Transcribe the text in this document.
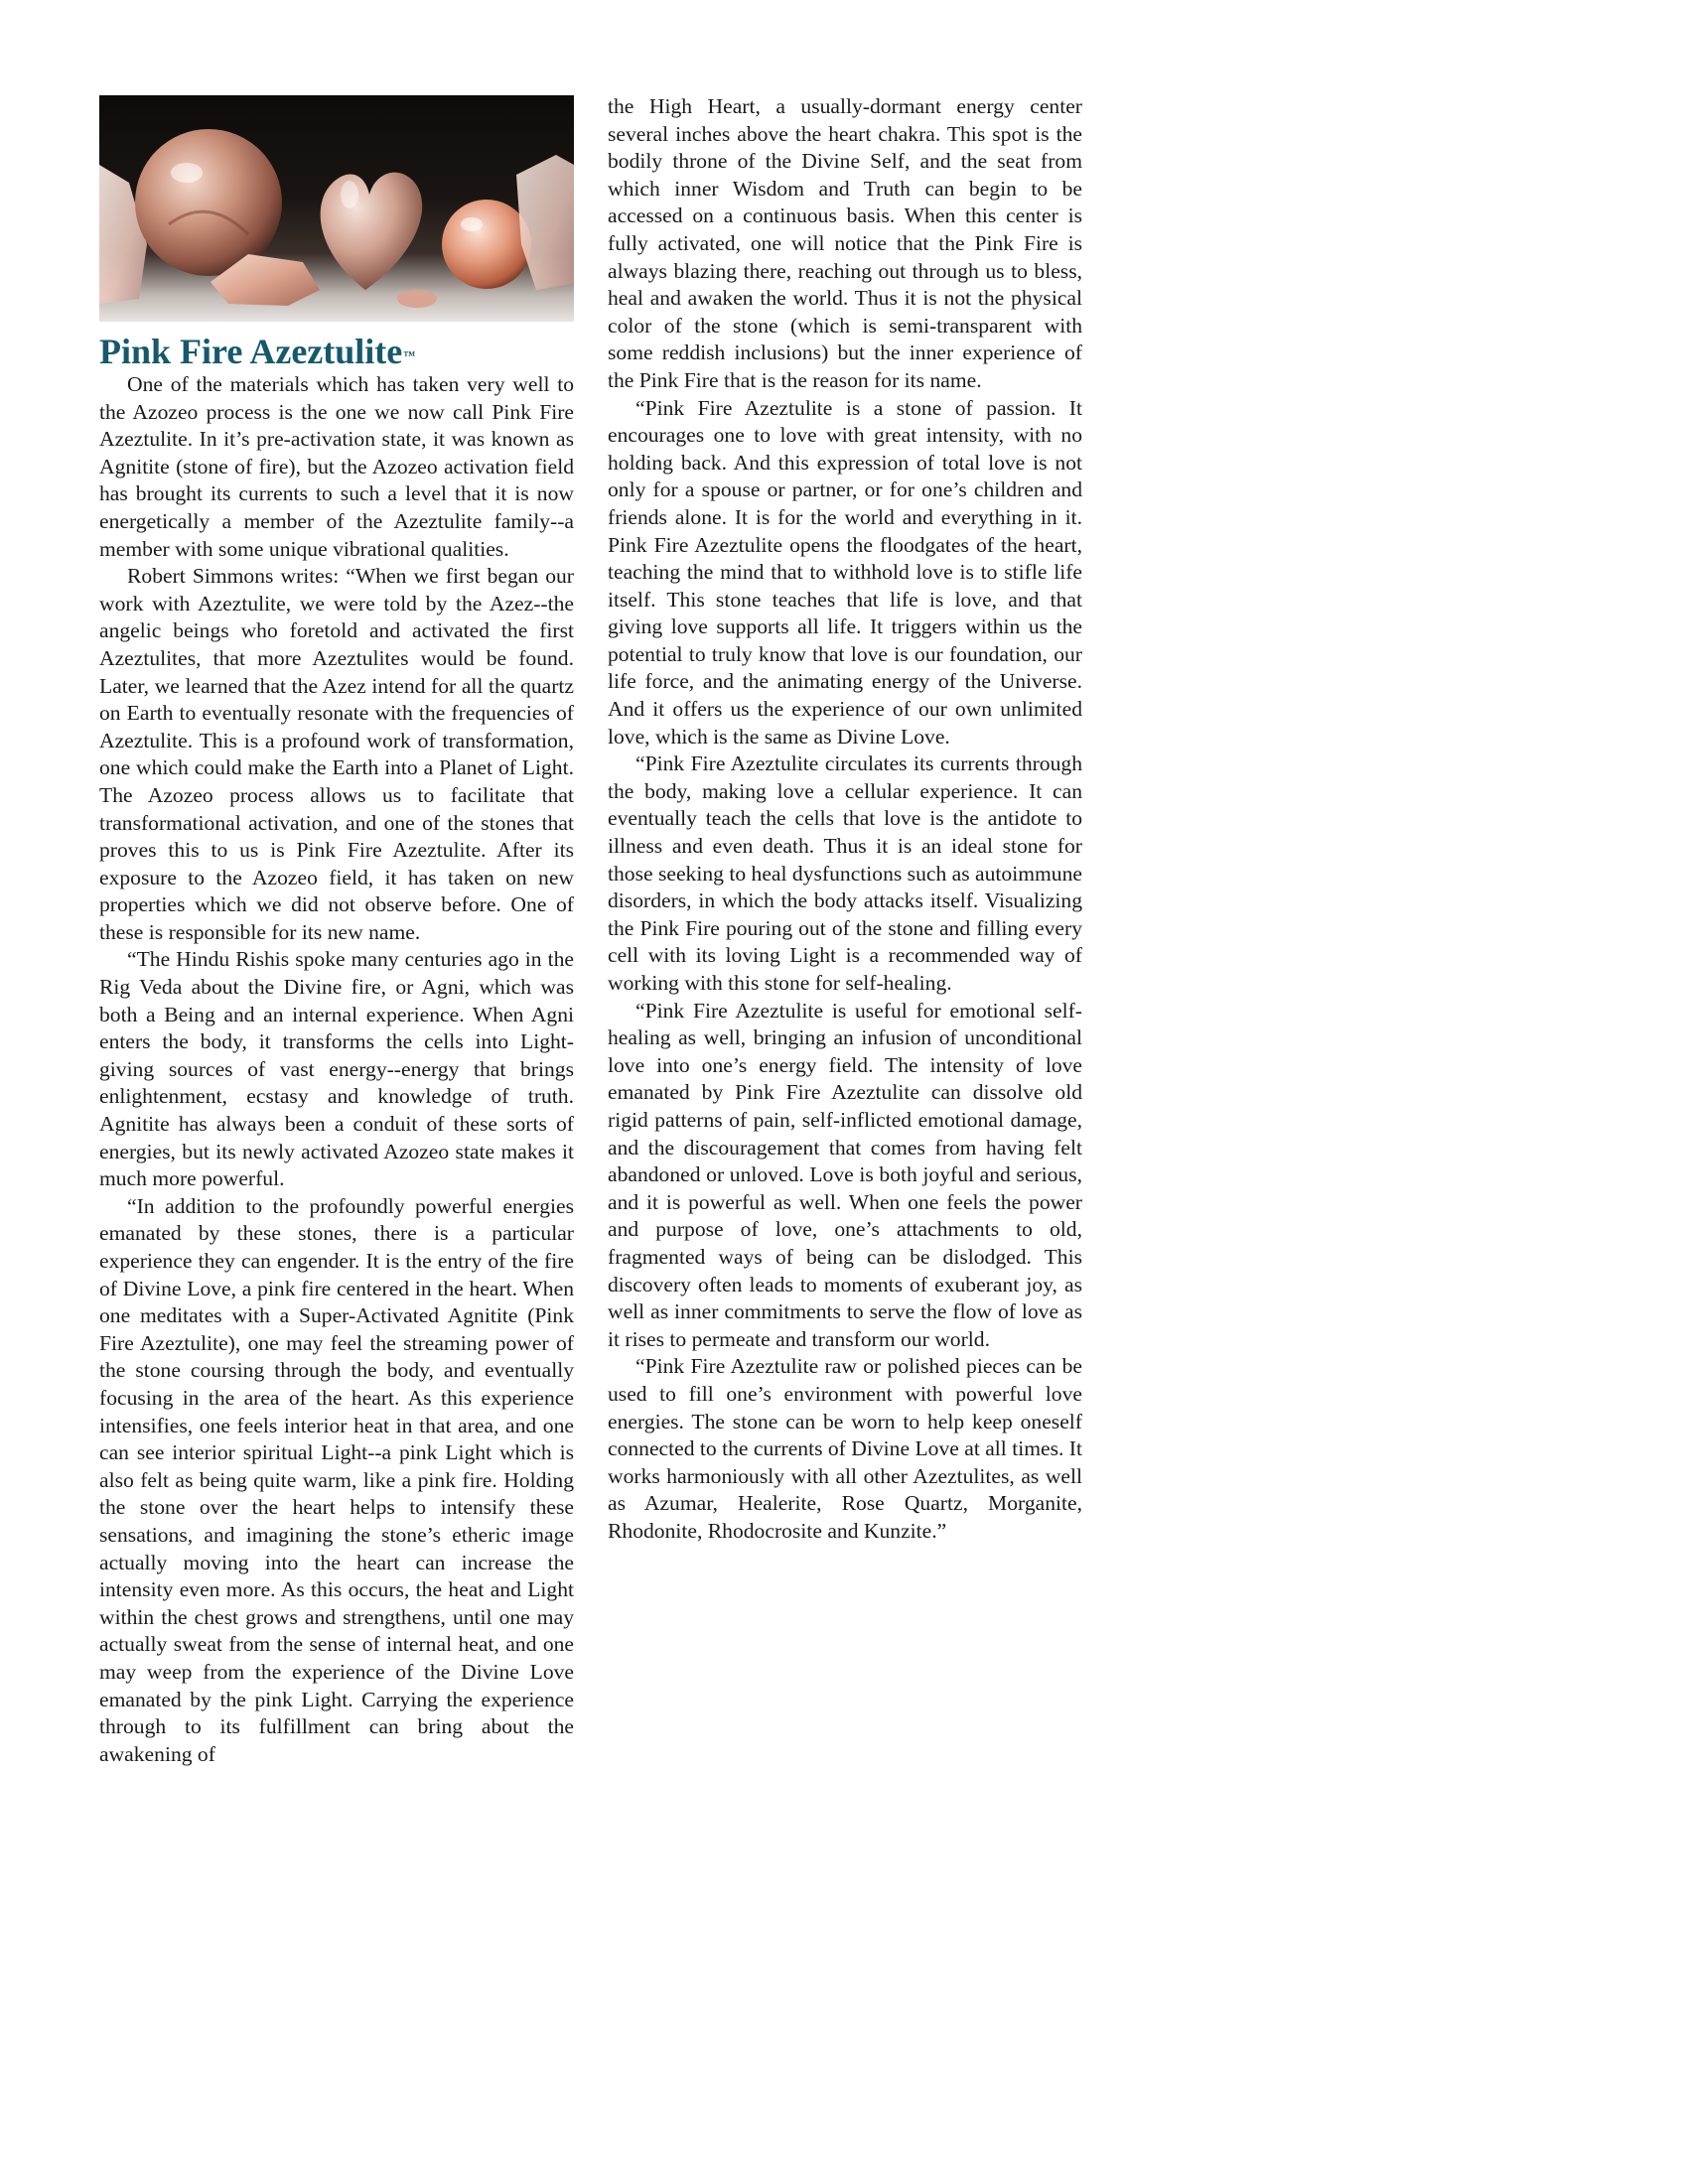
Pink Fire Azeztulite™

One of the materials which has taken very well to the Azozeo process is the one we now call Pink Fire Azeztulite. In it’s pre-activation state, it was known as Agnitite (stone of fire), but the Azozeo activation field has brought its currents to such a level that it is now energetically a member of the Azeztulite family--a member with some unique vibrational qualities.

Robert Simmons writes: “When we first began our work with Azeztulite, we were told by the Azez--the angelic beings who foretold and activated the first Azeztulites, that more Azeztulites would be found. Later, we learned that the Azez intend for all the quartz on Earth to eventually resonate with the frequencies of Azeztulite. This is a profound work of transformation, one which could make the Earth into a Planet of Light. The Azozeo process allows us to facilitate that transformational activation, and one of the stones that proves this to us is Pink Fire Azeztulite. After its exposure to the Azozeo field, it has taken on new properties which we did not observe before. One of these is responsible for its new name.

“The Hindu Rishis spoke many centuries ago in the Rig Veda about the Divine fire, or Agni, which was both a Being and an internal experience. When Agni enters the body, it transforms the cells into Light-giving sources of vast energy--energy that brings enlightenment, ecstasy and knowledge of truth. Agnitite has always been a conduit of these sorts of energies, but its newly activated Azozeo state makes it much more powerful.

“In addition to the profoundly powerful energies emanated by these stones, there is a particular experience they can engender. It is the entry of the fire of Divine Love, a pink fire centered in the heart. When one meditates with a Super-Activated Agnitite (Pink Fire Azeztulite), one may feel the streaming power of the stone coursing through the body, and eventually focusing in the area of the heart. As this experience intensifies, one feels interior heat in that area, and one can see interior spiritual Light--a pink Light which is also felt as being quite warm, like a pink fire. Holding the stone over the heart helps to intensify these sensations, and imagining the stone’s etheric image actually moving into the heart can increase the intensity even more. As this occurs, the heat and Light within the chest grows and strengthens, until one may actually sweat from the sense of internal heat, and one may weep from the experience of the Divine Love emanated by the pink Light. Carrying the experience through to its fulfillment can bring about the awakening of

the High Heart, a usually-dormant energy center several inches above the heart chakra. This spot is the bodily throne of the Divine Self, and the seat from which inner Wisdom and Truth can begin to be accessed on a continuous basis. When this center is fully activated, one will notice that the Pink Fire is always blazing there, reaching out through us to bless, heal and awaken the world. Thus it is not the physical color of the stone (which is semi-transparent with some reddish inclusions) but the inner experience of the Pink Fire that is the reason for its name.

“Pink Fire Azeztulite is a stone of passion. It encourages one to love with great intensity, with no holding back. And this expression of total love is not only for a spouse or partner, or for one’s children and friends alone. It is for the world and everything in it. Pink Fire Azeztulite opens the floodgates of the heart, teaching the mind that to withhold love is to stifle life itself. This stone teaches that life is love, and that giving love supports all life. It triggers within us the potential to truly know that love is our foundation, our life force, and the animating energy of the Universe. And it offers us the experience of our own unlimited love, which is the same as Divine Love.

“Pink Fire Azeztulite circulates its currents through the body, making love a cellular experience. It can eventually teach the cells that love is the antidote to illness and even death. Thus it is an ideal stone for those seeking to heal dysfunctions such as autoimmune disorders, in which the body attacks itself. Visualizing the Pink Fire pouring out of the stone and filling every cell with its loving Light is a recommended way of working with this stone for self-healing.

“Pink Fire Azeztulite is useful for emotional self-healing as well, bringing an infusion of unconditional love into one’s energy field. The intensity of love emanated by Pink Fire Azeztulite can dissolve old rigid patterns of pain, self-inflicted emotional damage, and the discouragement that comes from having felt abandoned or unloved. Love is both joyful and serious, and it is powerful as well. When one feels the power and purpose of love, one’s attachments to old, fragmented ways of being can be dislodged. This discovery often leads to moments of exuberant joy, as well as inner commitments to serve the flow of love as it rises to permeate and transform our world.

“Pink Fire Azeztulite raw or polished pieces can be used to fill one’s environment with powerful love energies. The stone can be worn to help keep oneself connected to the currents of Divine Love at all times. It works harmoniously with all other Azeztulites, as well as Azumar, Healerite, Rose Quartz, Morganite, Rhodonite, Rhodocrosite and Kunzite.”
